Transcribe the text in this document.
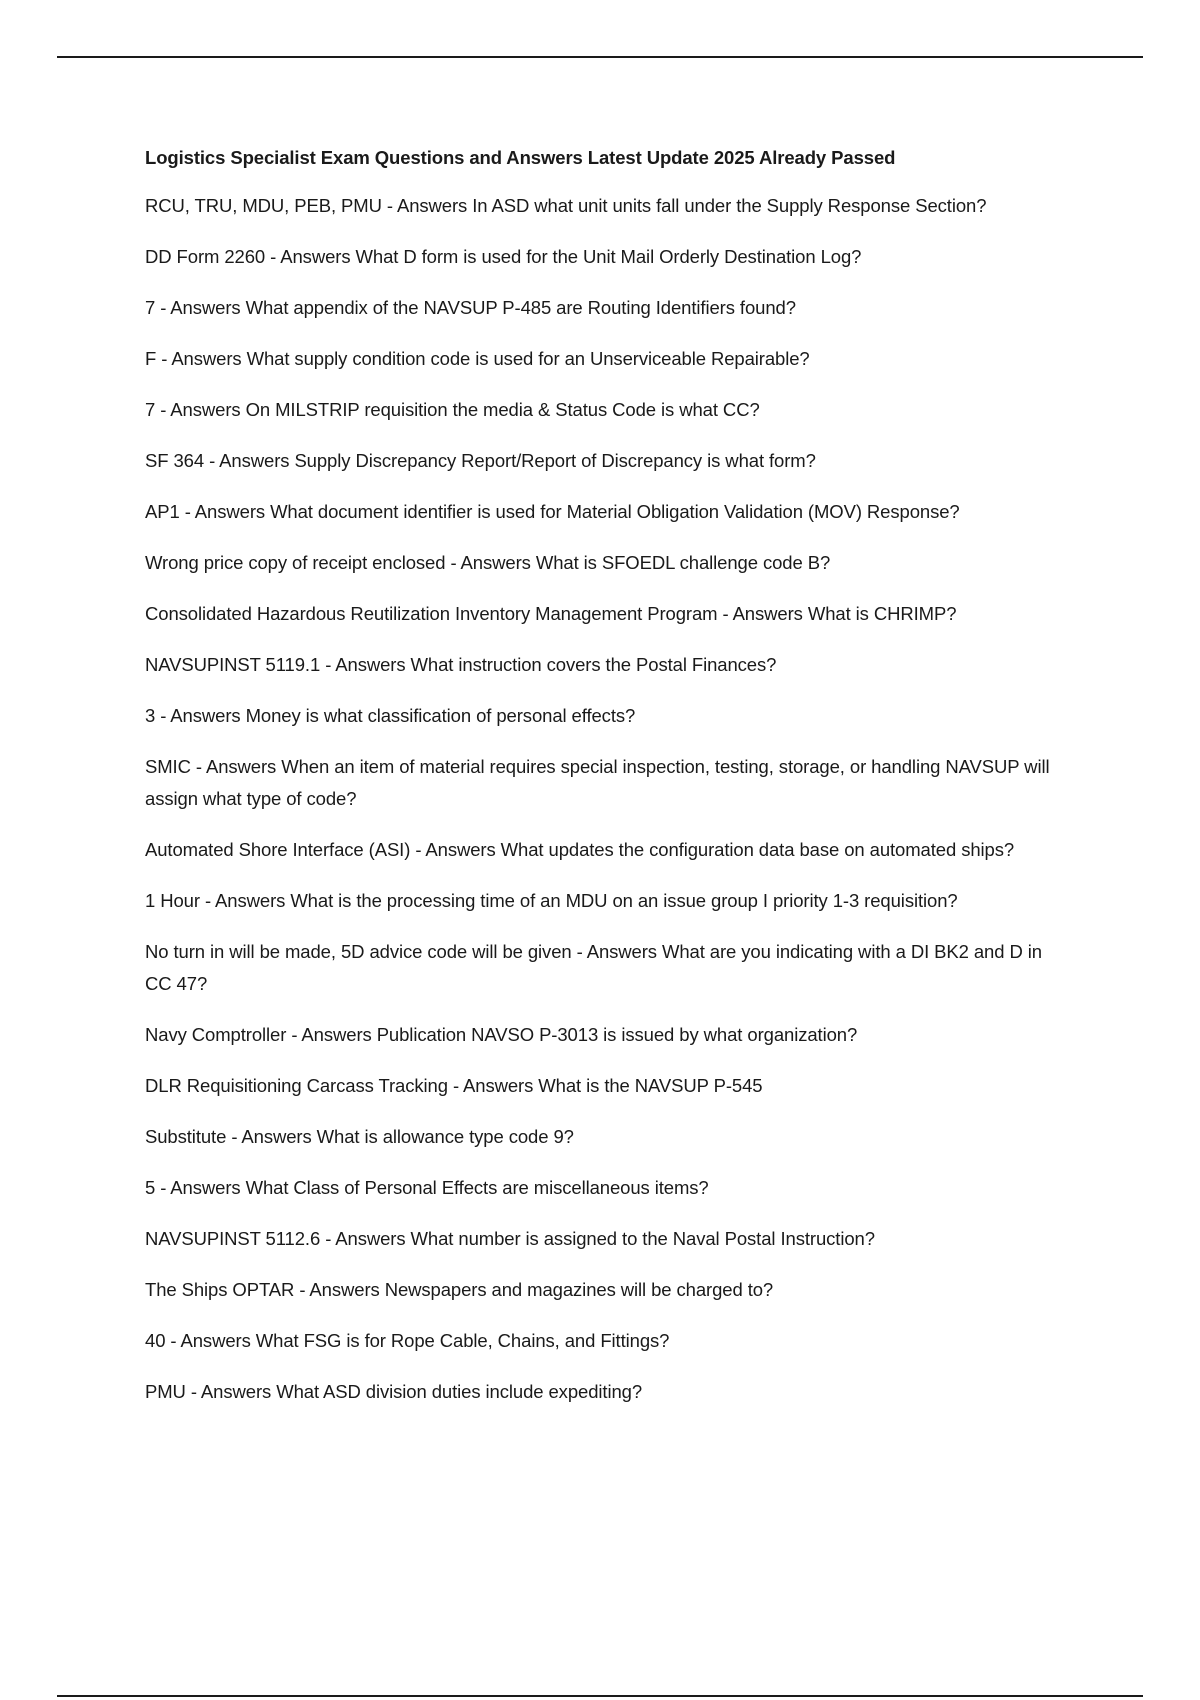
Logistics Specialist Exam Questions and Answers Latest Update 2025 Already Passed
RCU, TRU, MDU, PEB, PMU - Answers In ASD what unit units fall under the Supply Response Section?
DD Form 2260 - Answers What D form is used for the Unit Mail Orderly Destination Log?
7 - Answers What appendix of the NAVSUP P-485 are Routing Identifiers found?
F - Answers What supply condition code is used for an Unserviceable Repairable?
7 - Answers On MILSTRIP requisition the media & Status Code is what CC?
SF 364 - Answers Supply Discrepancy Report/Report of Discrepancy is what form?
AP1 - Answers What document identifier is used for Material Obligation Validation (MOV) Response?
Wrong price copy of receipt enclosed - Answers What is SFOEDL challenge code B?
Consolidated Hazardous Reutilization Inventory Management Program - Answers What is CHRIMP?
NAVSUPINST 5119.1 - Answers What instruction covers the Postal Finances?
3 - Answers Money is what classification of personal effects?
SMIC - Answers When an item of material requires special inspection, testing, storage, or handling NAVSUP will assign what type of code?
Automated Shore Interface (ASI) - Answers What updates the configuration data base on automated ships?
1 Hour - Answers What is the processing time of an MDU on an issue group I priority 1-3 requisition?
No turn in will be made, 5D advice code will be given - Answers What are you indicating with a DI BK2 and D in CC 47?
Navy Comptroller - Answers Publication NAVSO P-3013 is issued by what organization?
DLR Requisitioning Carcass Tracking - Answers What is the NAVSUP P-545
Substitute - Answers What is allowance type code 9?
5 - Answers What Class of Personal Effects are miscellaneous items?
NAVSUPINST 5112.6 - Answers What number is assigned to the Naval Postal Instruction?
The Ships OPTAR - Answers Newspapers and magazines will be charged to?
40 - Answers What FSG is for Rope Cable, Chains, and Fittings?
PMU - Answers What ASD division duties include expediting?
